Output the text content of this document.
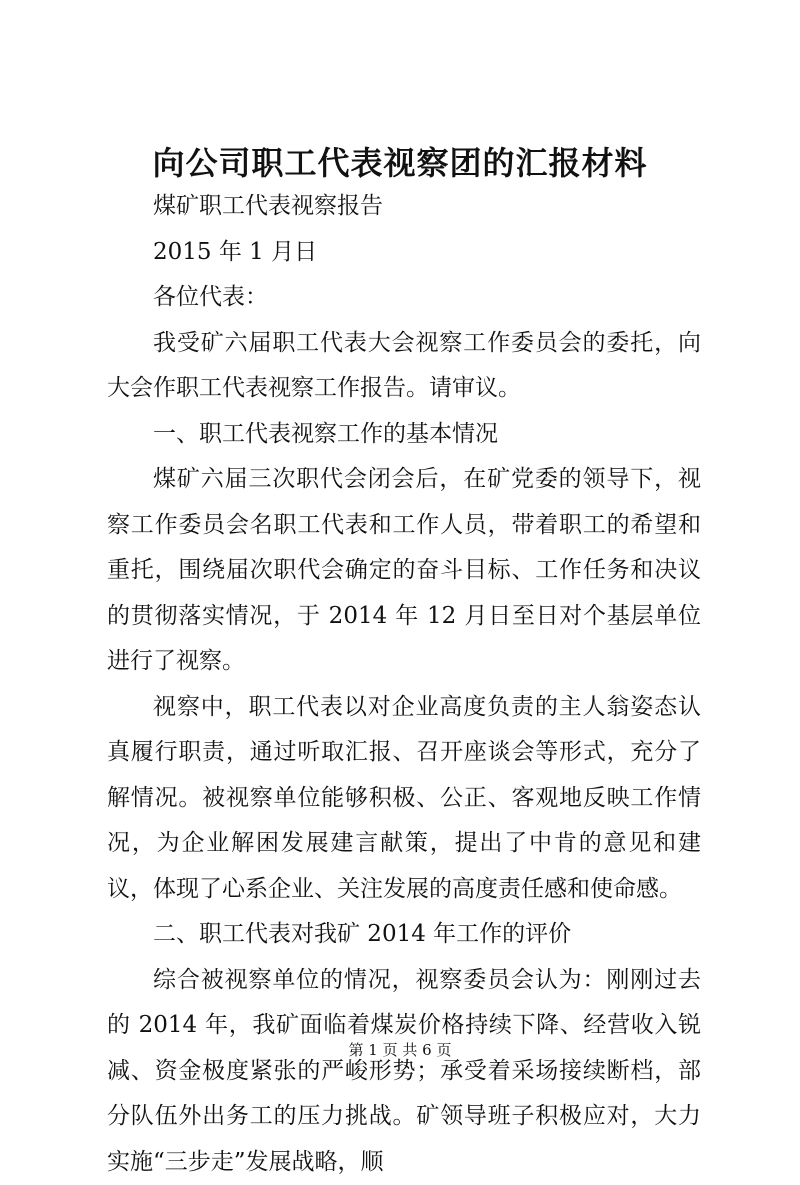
向公司职工代表视察团的汇报材料

煤矿职工代表视察报告

2015 年 1 月日

各位代表：

我受矿六届职工代表大会视察工作委员会的委托，向大会作职工代表视察工作报告。请审议。

一、职工代表视察工作的基本情况

煤矿六届三次职代会闭会后，在矿党委的领导下，视察工作委员会名职工代表和工作人员，带着职工的希望和重托，围绕届次职代会确定的奋斗目标、工作任务和决议的贯彻落实情况，于 2014 年 12 月日至日对个基层单位进行了视察。

视察中，职工代表以对企业高度负责的主人翁姿态认真履行职责，通过听取汇报、召开座谈会等形式，充分了解情况。被视察单位能够积极、公正、客观地反映工作情况，为企业解困发展建言献策，提出了中肯的意见和建议，体现了心系企业、关注发展的高度责任感和使命感。

二、职工代表对我矿 2014 年工作的评价

综合被视察单位的情况，视察委员会认为：刚刚过去的 2014 年，我矿面临着煤炭价格持续下降、经营收入锐减、资金极度紧张的严峻形势；承受着采场接续断档，部分队伍外出务工的压力挑战。矿领导班子积极应对，大力实施“三步走”发展战略，顺

第 1 页 共 6 页
